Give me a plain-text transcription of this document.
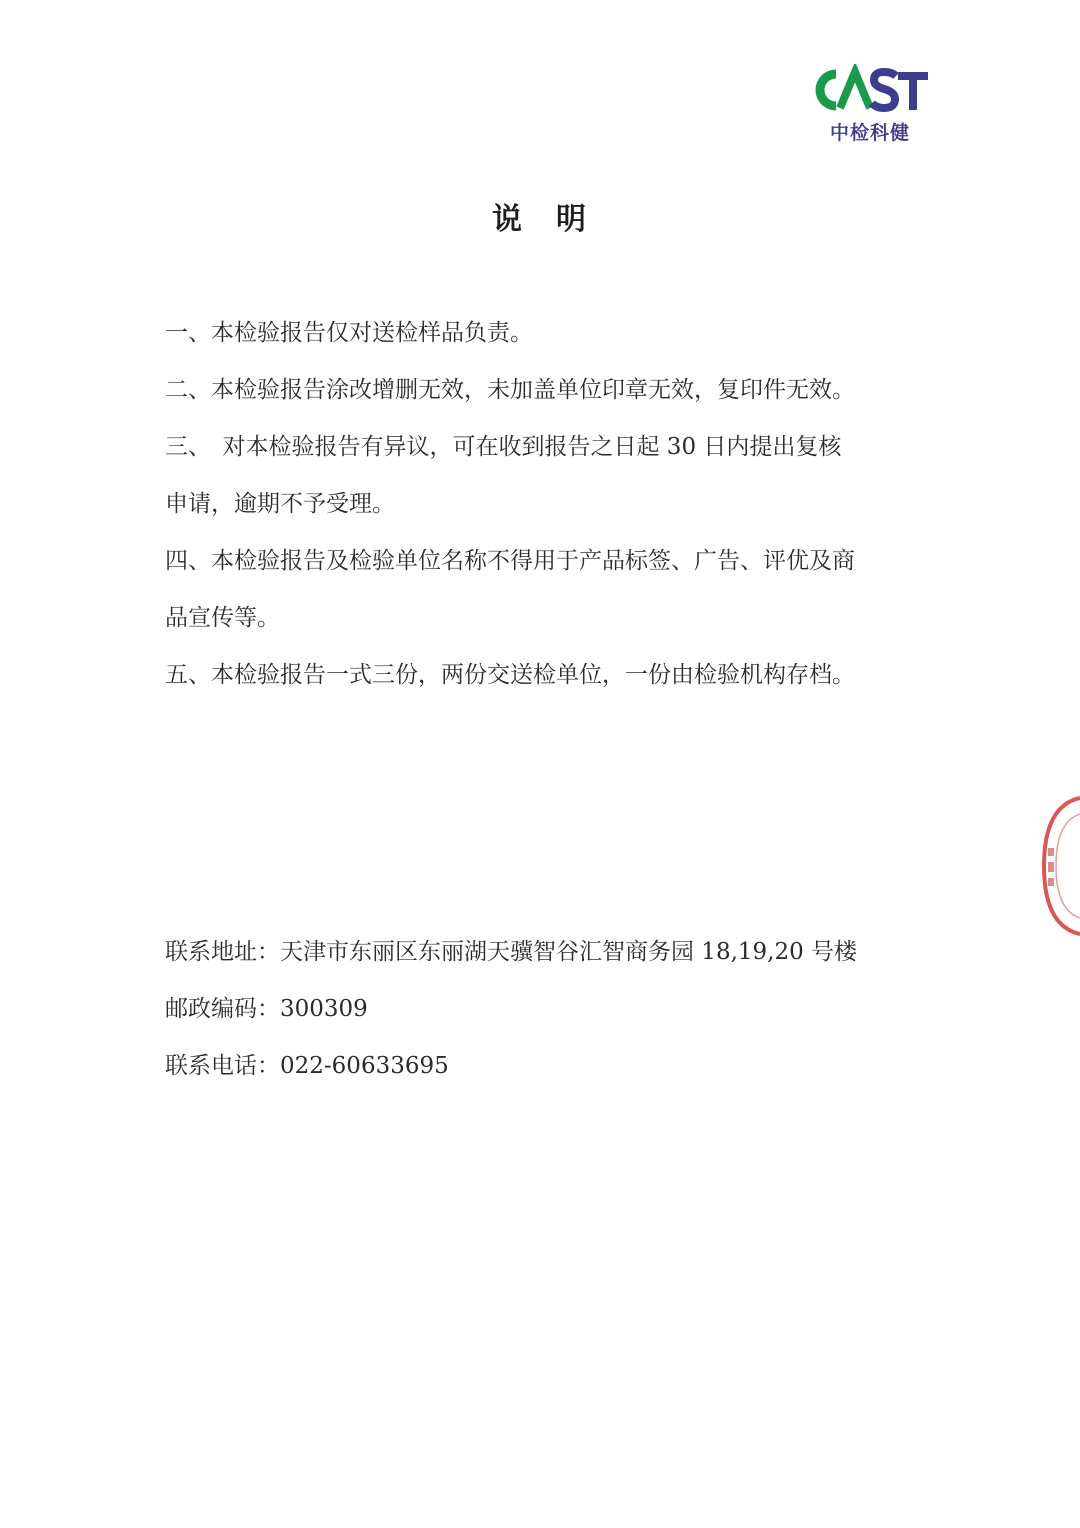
中检科健
说　明
一、本检验报告仅对送检样品负责。
二、本检验报告涂改增删无效，未加盖单位印章无效，复印件无效。
三、　对本检验报告有异议，可在收到报告之日起 30 日内提出复核
申请，逾期不予受理。
四、本检验报告及检验单位名称不得用于产品标签、广告、评优及商
品宣传等。
五、本检验报告一式三份，两份交送检单位，一份由检验机构存档。
联系地址：天津市东丽区东丽湖天骥智谷汇智商务园 18,19,20 号楼
邮政编码：300309
联系电话：022-60633695
